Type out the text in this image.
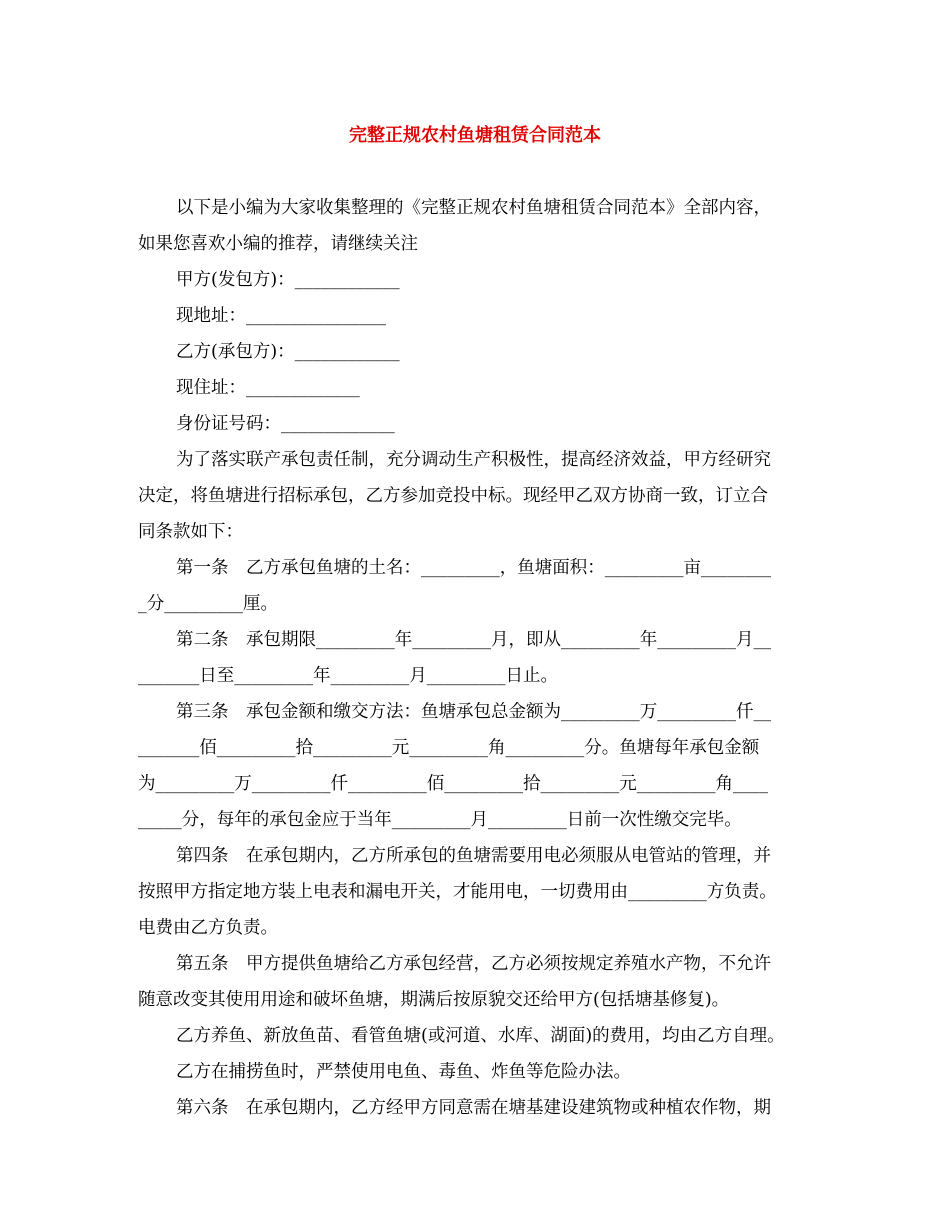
完整正规农村鱼塘租赁合同范本
以下是小编为大家收集整理的《完整正规农村鱼塘租赁合同范本》全部内容，
如果您喜欢小编的推荐，请继续关注
甲方(发包方)：____________
现地址：________________
乙方(承包方)：____________
现住址：_____________
身份证号码：_____________
为了落实联产承包责任制，充分调动生产积极性，提高经济效益，甲方经研究
决定，将鱼塘进行招标承包，乙方参加竞投中标。现经甲乙双方协商一致，订立合
同条款如下：
第一条　乙方承包鱼塘的土名：_________，鱼塘面积：_________亩________
_分_________厘。
第二条　承包期限_________年_________月，即从_________年_________月__
_______日至_________年_________月_________日止。
第三条　承包金额和缴交方法：鱼塘承包总金额为_________万_________仟__
_______佰_________拾_________元_________角_________分。鱼塘每年承包金额
为_________万_________仟_________佰_________拾_________元_________角____
_____分，每年的承包金应于当年_________月_________日前一次性缴交完毕。
第四条　在承包期内，乙方所承包的鱼塘需要用电必须服从电管站的管理，并
按照甲方指定地方装上电表和漏电开关，才能用电，一切费用由_________方负责。
电费由乙方负责。
第五条　甲方提供鱼塘给乙方承包经营，乙方必须按规定养殖水产物，不允许
随意改变其使用用途和破坏鱼塘，期满后按原貌交还给甲方(包括塘基修复)。
乙方养鱼、新放鱼苗、看管鱼塘(或河道、水库、湖面)的费用，均由乙方自理。
乙方在捕捞鱼时，严禁使用电鱼、毒鱼、炸鱼等危险办法。
第六条　在承包期内，乙方经甲方同意需在塘基建设建筑物或种植农作物，期
